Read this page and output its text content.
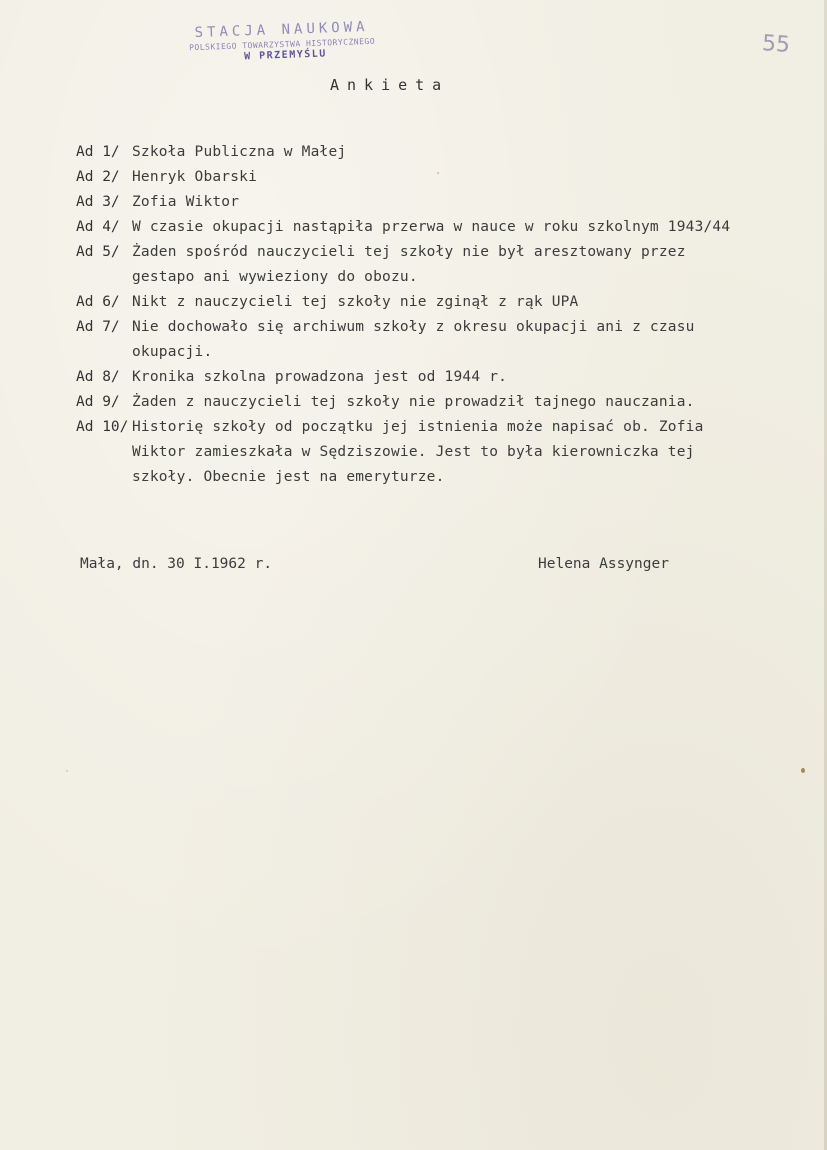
STACJA NAUKOWA
POLSKIEGO TOWARZYSTWA HISTORYCZNEGO
W PRZEMYŚLU	55
Ankieta
Ad 1/ Szkoła Publiczna w Małej
Ad 2/ Henryk Obarski
Ad 3/ Zofia Wiktor
Ad 4/ W czasie okupacji nastąpiła przerwa w nauce w roku szkolnym 1943/44
Ad 5/ Żaden spośród nauczycieli tej szkoły nie był aresztowany przez
gestapo ani wywieziony do obozu.
Ad 6/ Nikt z nauczycieli tej szkoły nie zginął z rąk UPA
Ad 7/ Nie dochowało się archiwum szkoły z okresu okupacji ani z czasu
okupacji.
Ad 8/ Kronika szkolna prowadzona jest od 1944 r.
Ad 9/ Żaden z nauczycieli tej szkoły nie prowadził tajnego nauczania.
Ad 10/ Historię szkoły od początku jej istnienia może napisać ob. Zofia
Wiktor zamieszkała w Sędziszowie. Jest to była kierowniczka tej
szkoły. Obecnie jest na emeryturze.
Mała, dn. 30 I.1962 r.	Helena Assynger
